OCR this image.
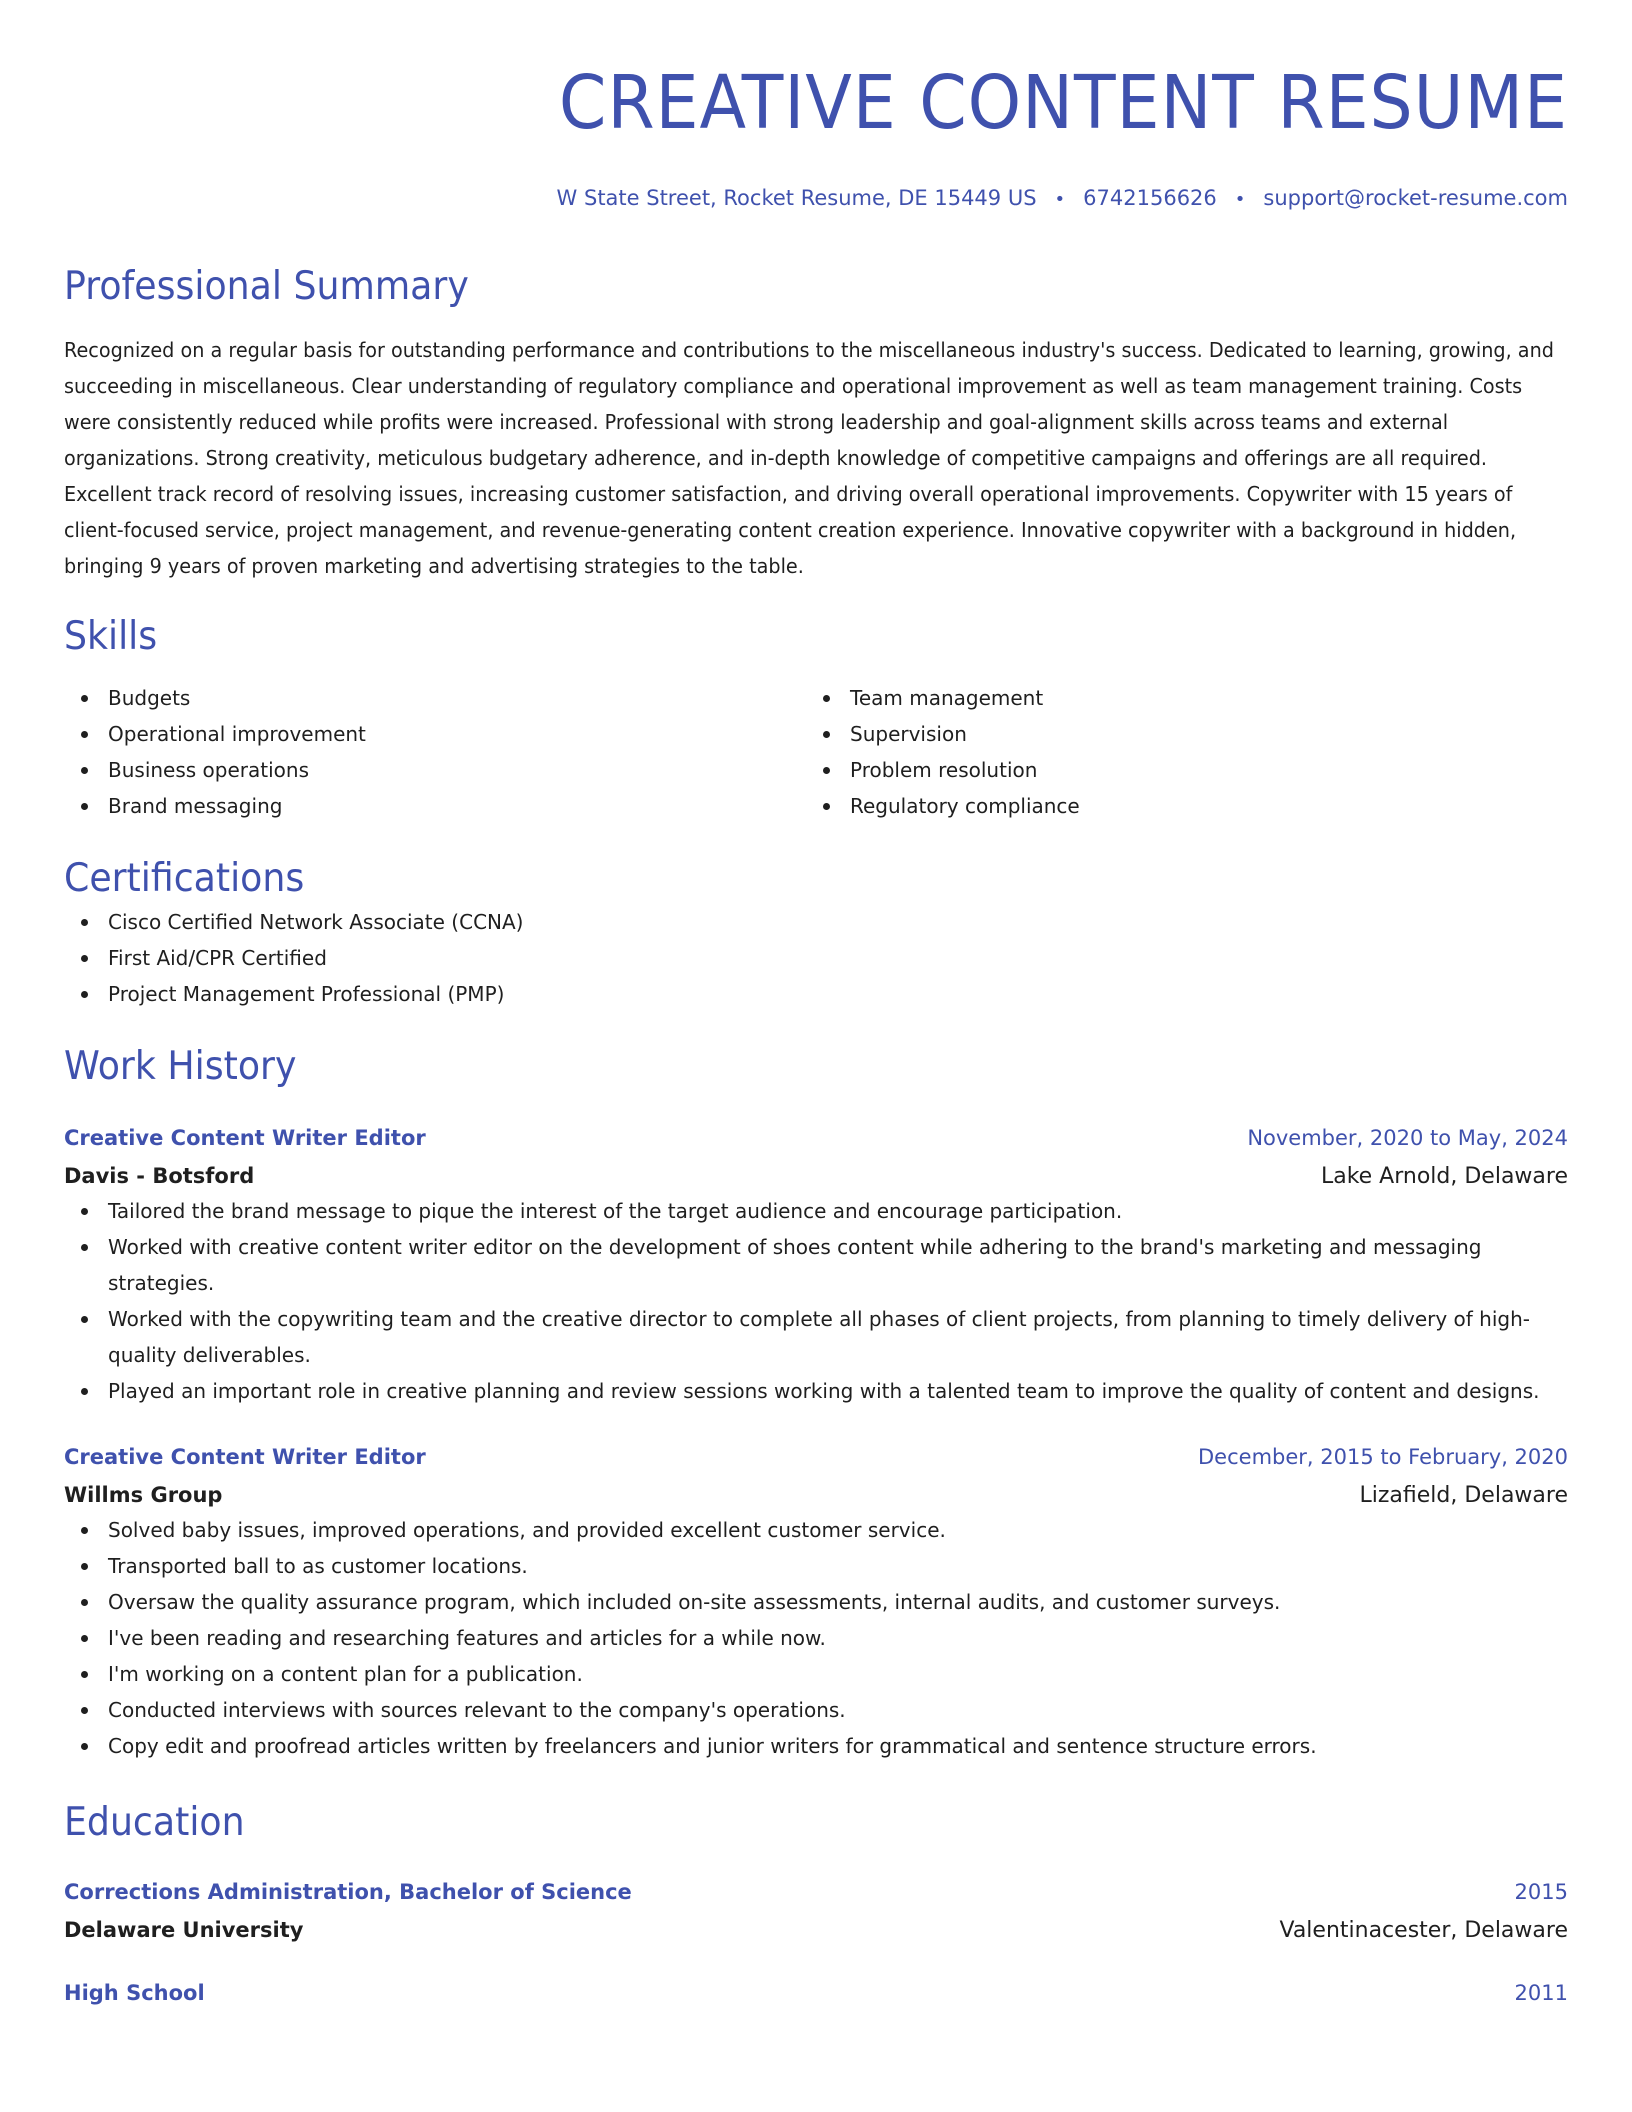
CREATIVE CONTENT RESUME
W State Street, Rocket Resume, DE 15449 US • 6742156626 • support@rocket-resume.com
Professional Summary
Recognized on a regular basis for outstanding performance and contributions to the miscellaneous industry's success. Dedicated to learning, growing, and succeeding in miscellaneous. Clear understanding of regulatory compliance and operational improvement as well as team management training. Costs were consistently reduced while profits were increased. Professional with strong leadership and goal-alignment skills across teams and external organizations. Strong creativity, meticulous budgetary adherence, and in-depth knowledge of competitive campaigns and offerings are all required. Excellent track record of resolving issues, increasing customer satisfaction, and driving overall operational improvements. Copywriter with 15 years of client-focused service, project management, and revenue-generating content creation experience. Innovative copywriter with a background in hidden, bringing 9 years of proven marketing and advertising strategies to the table.
Skills
Budgets
Operational improvement
Business operations
Brand messaging
Team management
Supervision
Problem resolution
Regulatory compliance
Certifications
Cisco Certified Network Associate (CCNA)
First Aid/CPR Certified
Project Management Professional (PMP)
Work History
Creative Content Writer Editor	November, 2020 to May, 2024
Davis - Botsford	Lake Arnold, Delaware
Tailored the brand message to pique the interest of the target audience and encourage participation.
Worked with creative content writer editor on the development of shoes content while adhering to the brand's marketing and messaging strategies.
Worked with the copywriting team and the creative director to complete all phases of client projects, from planning to timely delivery of high-quality deliverables.
Played an important role in creative planning and review sessions working with a talented team to improve the quality of content and designs.
Creative Content Writer Editor	December, 2015 to February, 2020
Willms Group	Lizafield, Delaware
Solved baby issues, improved operations, and provided excellent customer service.
Transported ball to as customer locations.
Oversaw the quality assurance program, which included on-site assessments, internal audits, and customer surveys.
I've been reading and researching features and articles for a while now.
I'm working on a content plan for a publication.
Conducted interviews with sources relevant to the company's operations.
Copy edit and proofread articles written by freelancers and junior writers for grammatical and sentence structure errors.
Education
Corrections Administration, Bachelor of Science	2015
Delaware University	Valentinacester, Delaware
High School	2011
